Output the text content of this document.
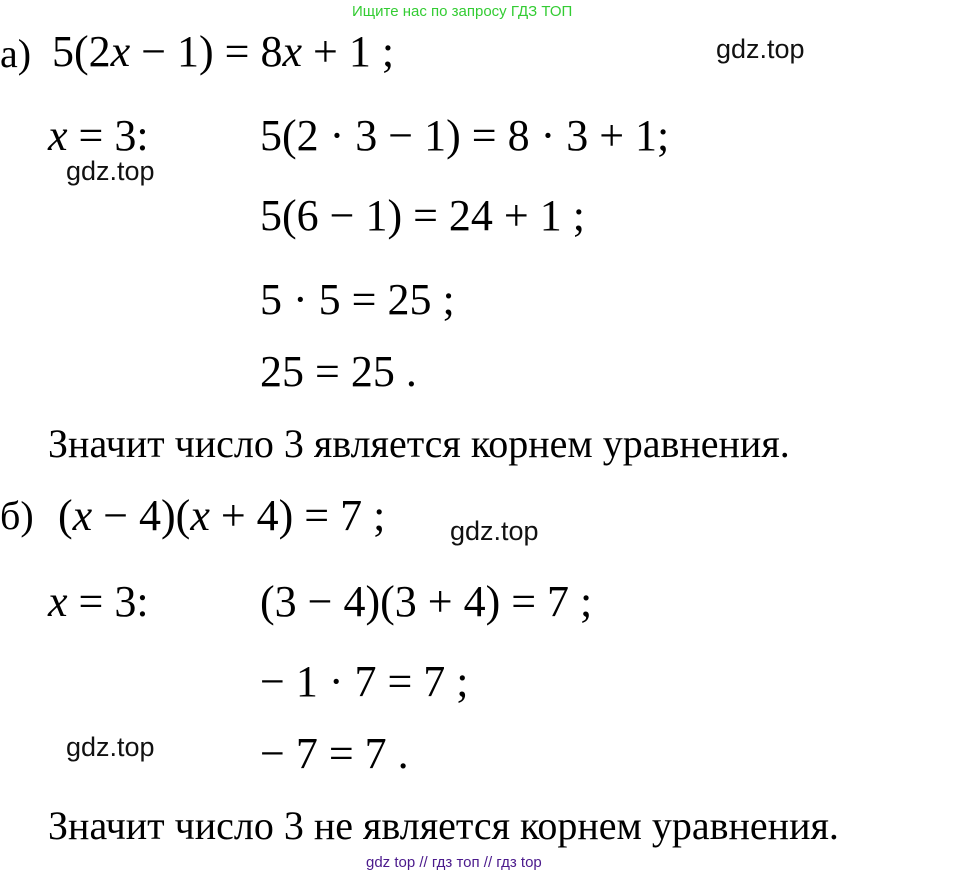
Ищите нас по запросу ГДЗ ТОП
а) 5(2x − 1) = 8x + 1 ;	gdz.top
x = 3:	5(2 · 3 − 1) = 8 · 3 + 1;
gdz.top
5(6 − 1) = 24 + 1 ;
5 · 5 = 25 ;
25 = 25 .
Значит число 3 является корнем уравнения.
б) (x − 4)(x + 4) = 7 ; gdz.top
x = 3:	(3 − 4)(3 + 4) = 7 ;
− 1 · 7 = 7 ;
gdz.top − 7 = 7 .
Значит число 3 не является корнем уравнения.
gdz top // гдз топ // гдз top
